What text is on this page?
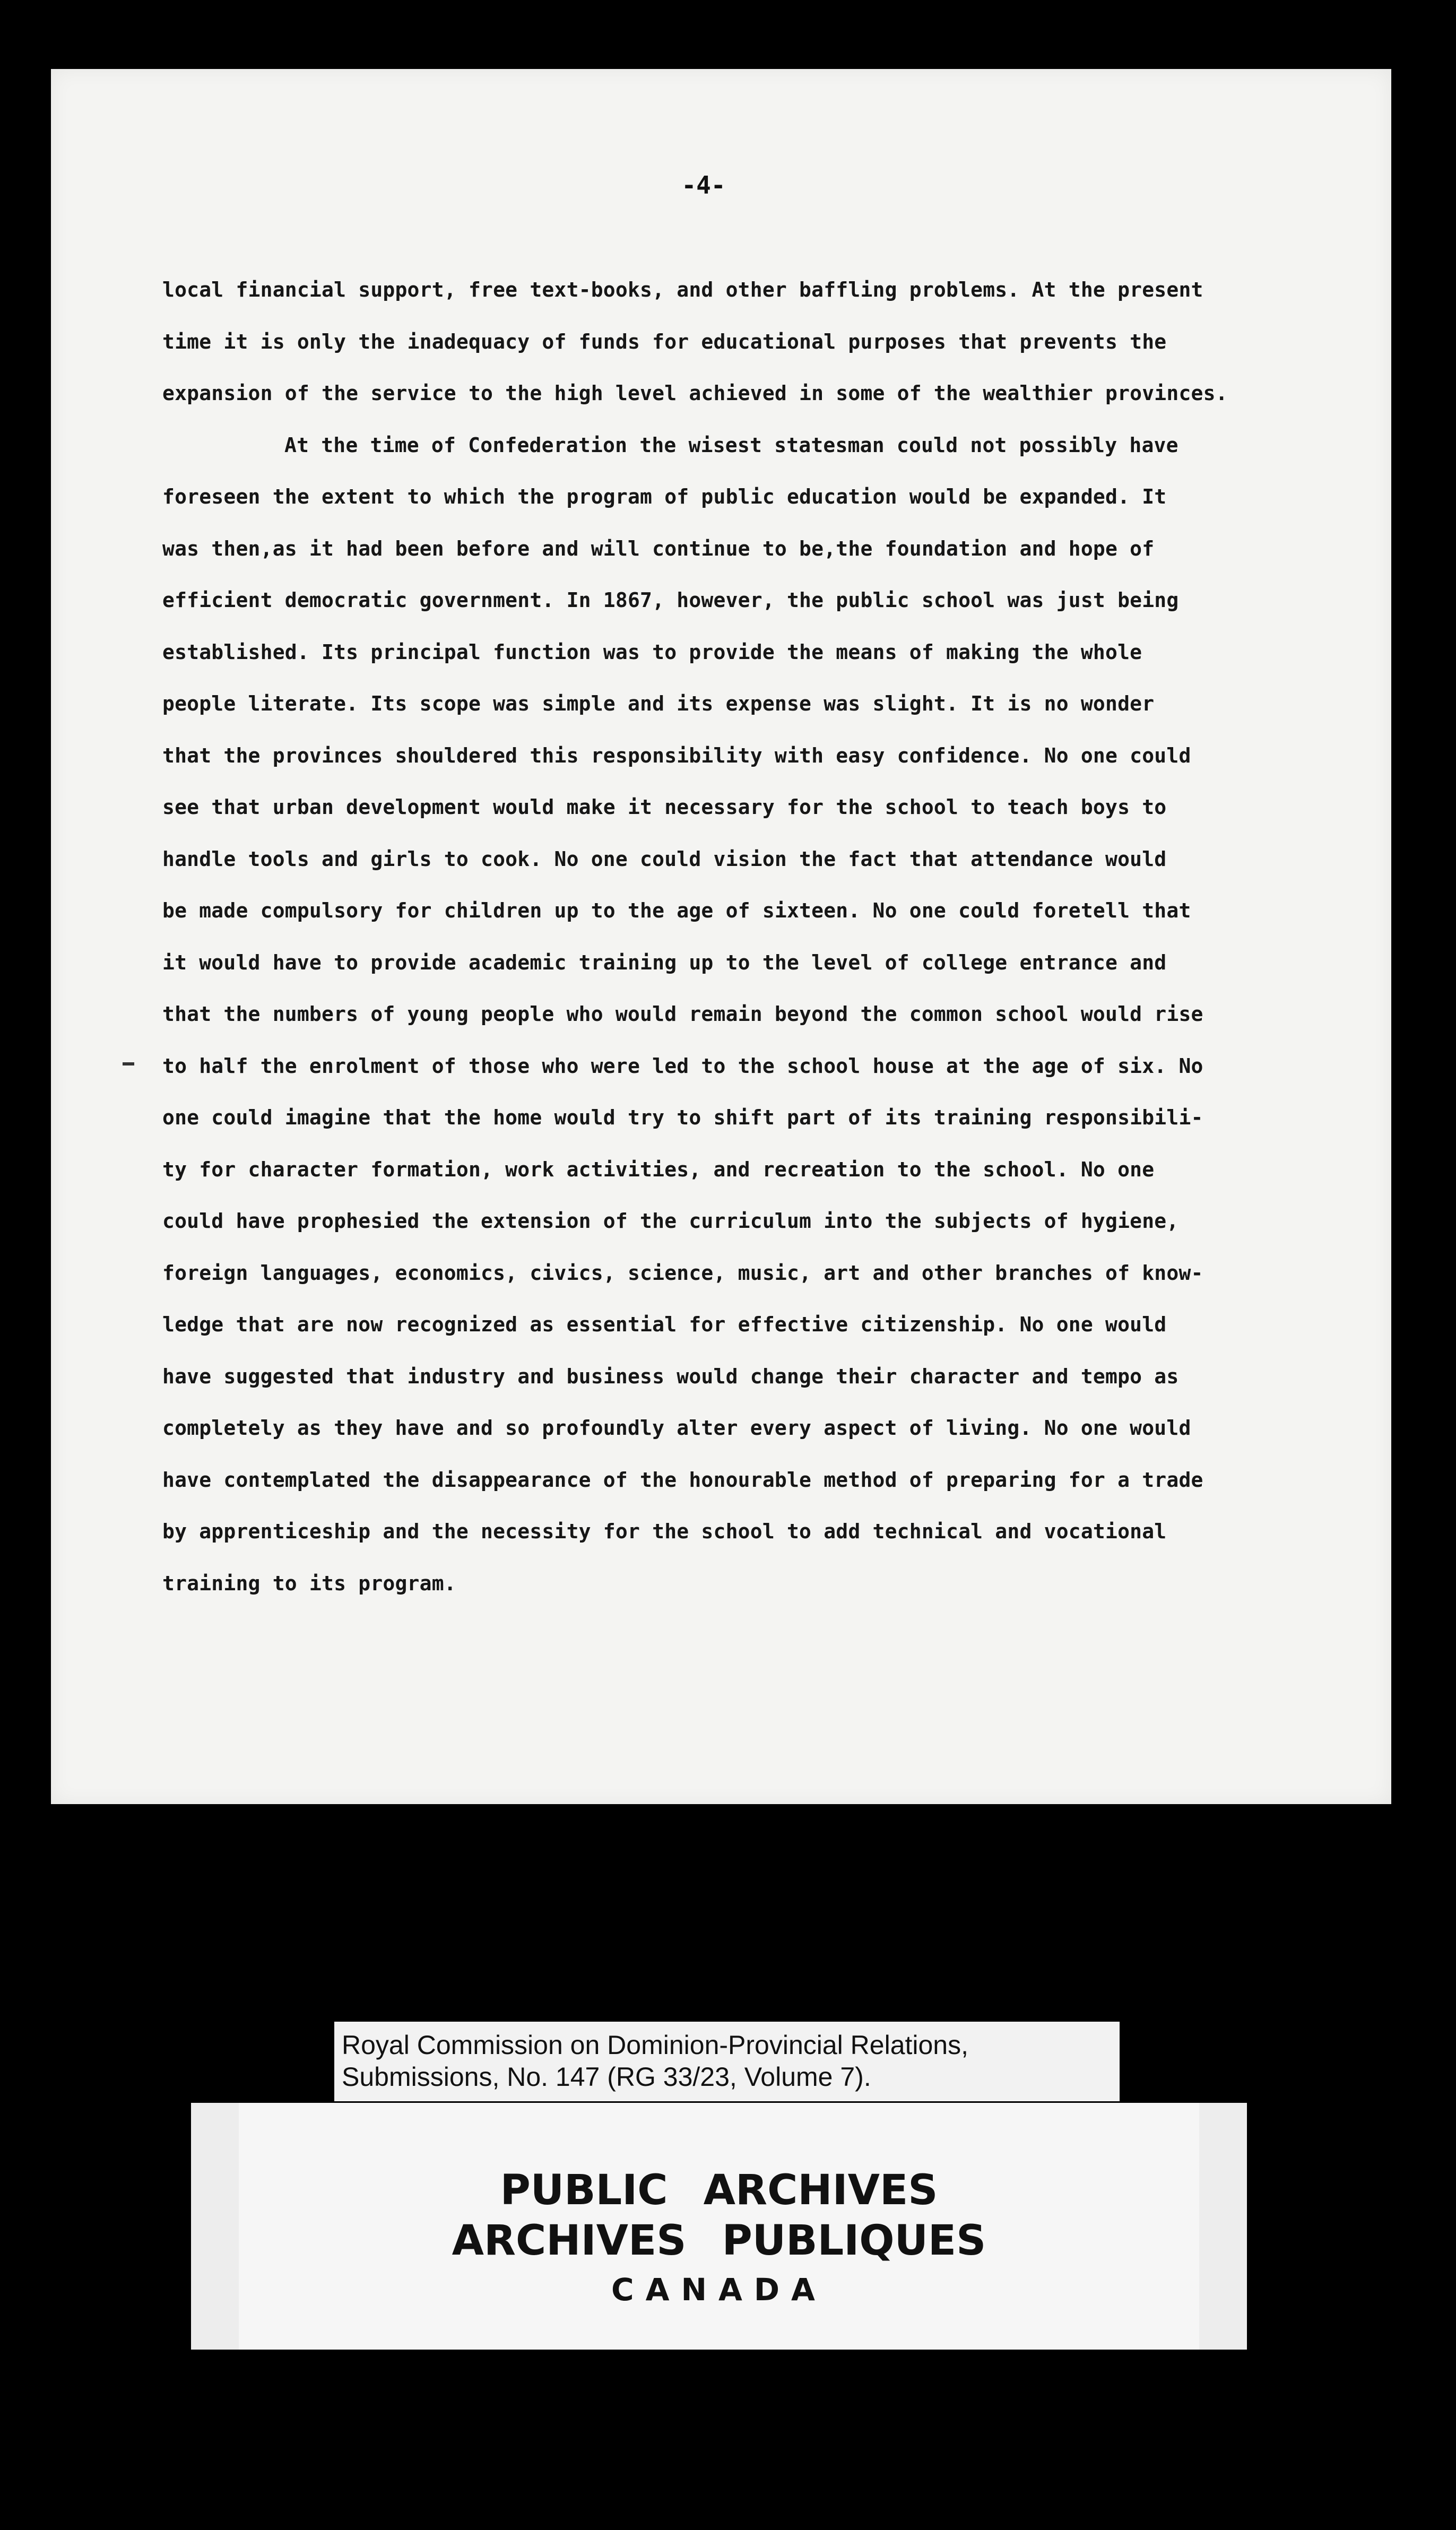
-4-
local financial support, free text-books, and other baffling problems. At the present
time it is only the inadequacy of funds for educational purposes that prevents the
expansion of the service to the high level achieved in some of the wealthier provinces.
At the time of Confederation the wisest statesman could not possibly have
foreseen the extent to which the program of public education would be expanded. It
was then,as it had been before and will continue to be,the foundation and hope of
efficient democratic government. In 1867, however, the public school was just being
established. Its principal function was to provide the means of making the whole
people literate. Its scope was simple and its expense was slight. It is no wonder
that the provinces shouldered this responsibility with easy confidence. No one could
see that urban development would make it necessary for the school to teach boys to
handle tools and girls to cook. No one could vision the fact that attendance would
be made compulsory for children up to the age of sixteen. No one could foretell that
it would have to provide academic training up to the level of college entrance and
that the numbers of young people who would remain beyond the common school would rise
to half the enrolment of those who were led to the school house at the age of six. No
one could imagine that the home would try to shift part of its training responsibili-
ty for character formation, work activities, and recreation to the school. No one
could have prophesied the extension of the curriculum into the subjects of hygiene,
foreign languages, economics, civics, science, music, art and other branches of know-
ledge that are now recognized as essential for effective citizenship. No one would
have suggested that industry and business would change their character and tempo as
completely as they have and so profoundly alter every aspect of living. No one would
have contemplated the disappearance of the honourable method of preparing for a trade
by apprenticeship and the necessity for the school to add technical and vocational
training to its program.
Royal Commission on Dominion-Provincial Relations,
Submissions, No. 147 (RG 33/23, Volume 7).
PUBLIC ARCHIVES
ARCHIVES PUBLIQUES
CANADA
